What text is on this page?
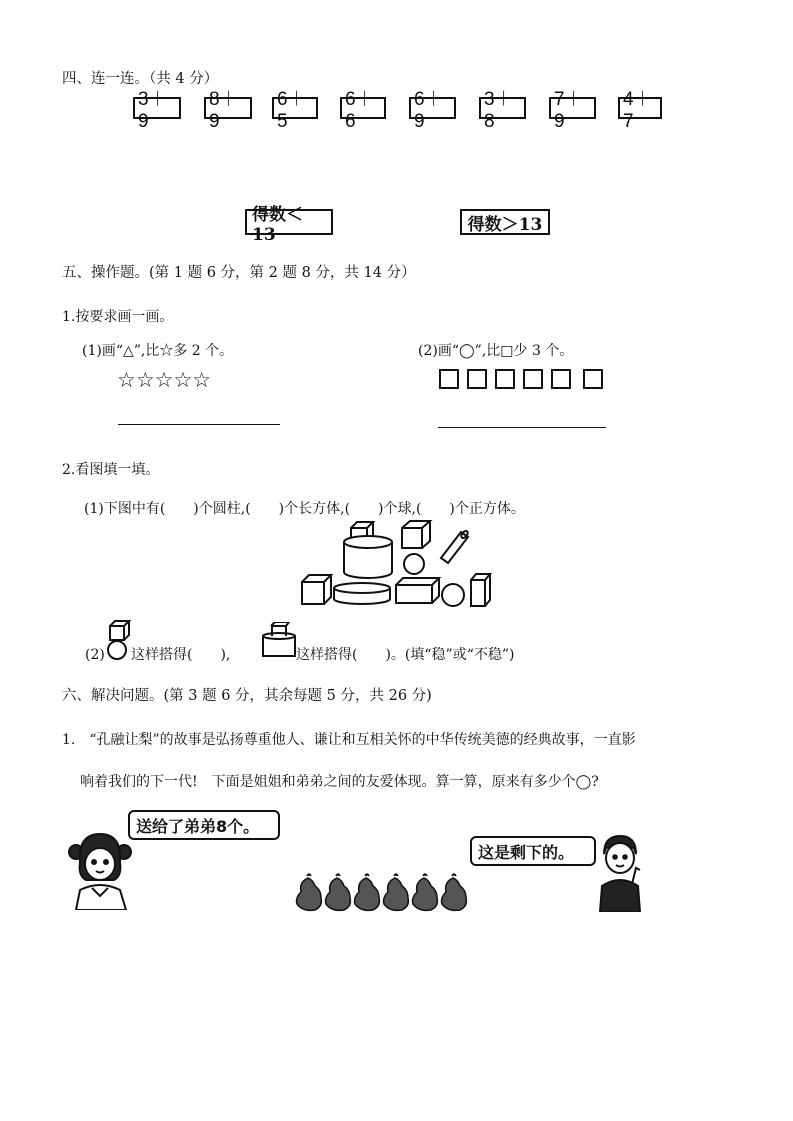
四、连一连。（共 4 分）
3＋9
8＋9
6＋5
6＋6
6＋9
3＋8
7＋9
4＋7
得数＜13	得数＞13
五、操作题。(第 1 题 6 分，第 2 题 8 分，共 14 分）
1.按要求画一画。
(1)画“△”,比☆多 2 个。
☆☆☆☆☆
(2)画“◯”,比□少 3 个。
2.看图填一填。
(1)下图中有(　　)个圆柱,(　　)个长方体,(　　)个球,(　　)个正方体。
(2) 这样搭得(　　),	这样搭得(　　)。(填“稳”或“不稳”)
六、解决问题。(第 3 题 6 分，其余每题 5 分，共 26 分)
1.　“孔融让梨”的故事是弘扬尊重他人、谦让和互相关怀的中华传统美德的经典故事，一直影
响着我们的下一代!　下面是姐姐和弟弟之间的友爱体现。算一算，原来有多少个◯?
送给了弟弟8个。
这是剩下的。
